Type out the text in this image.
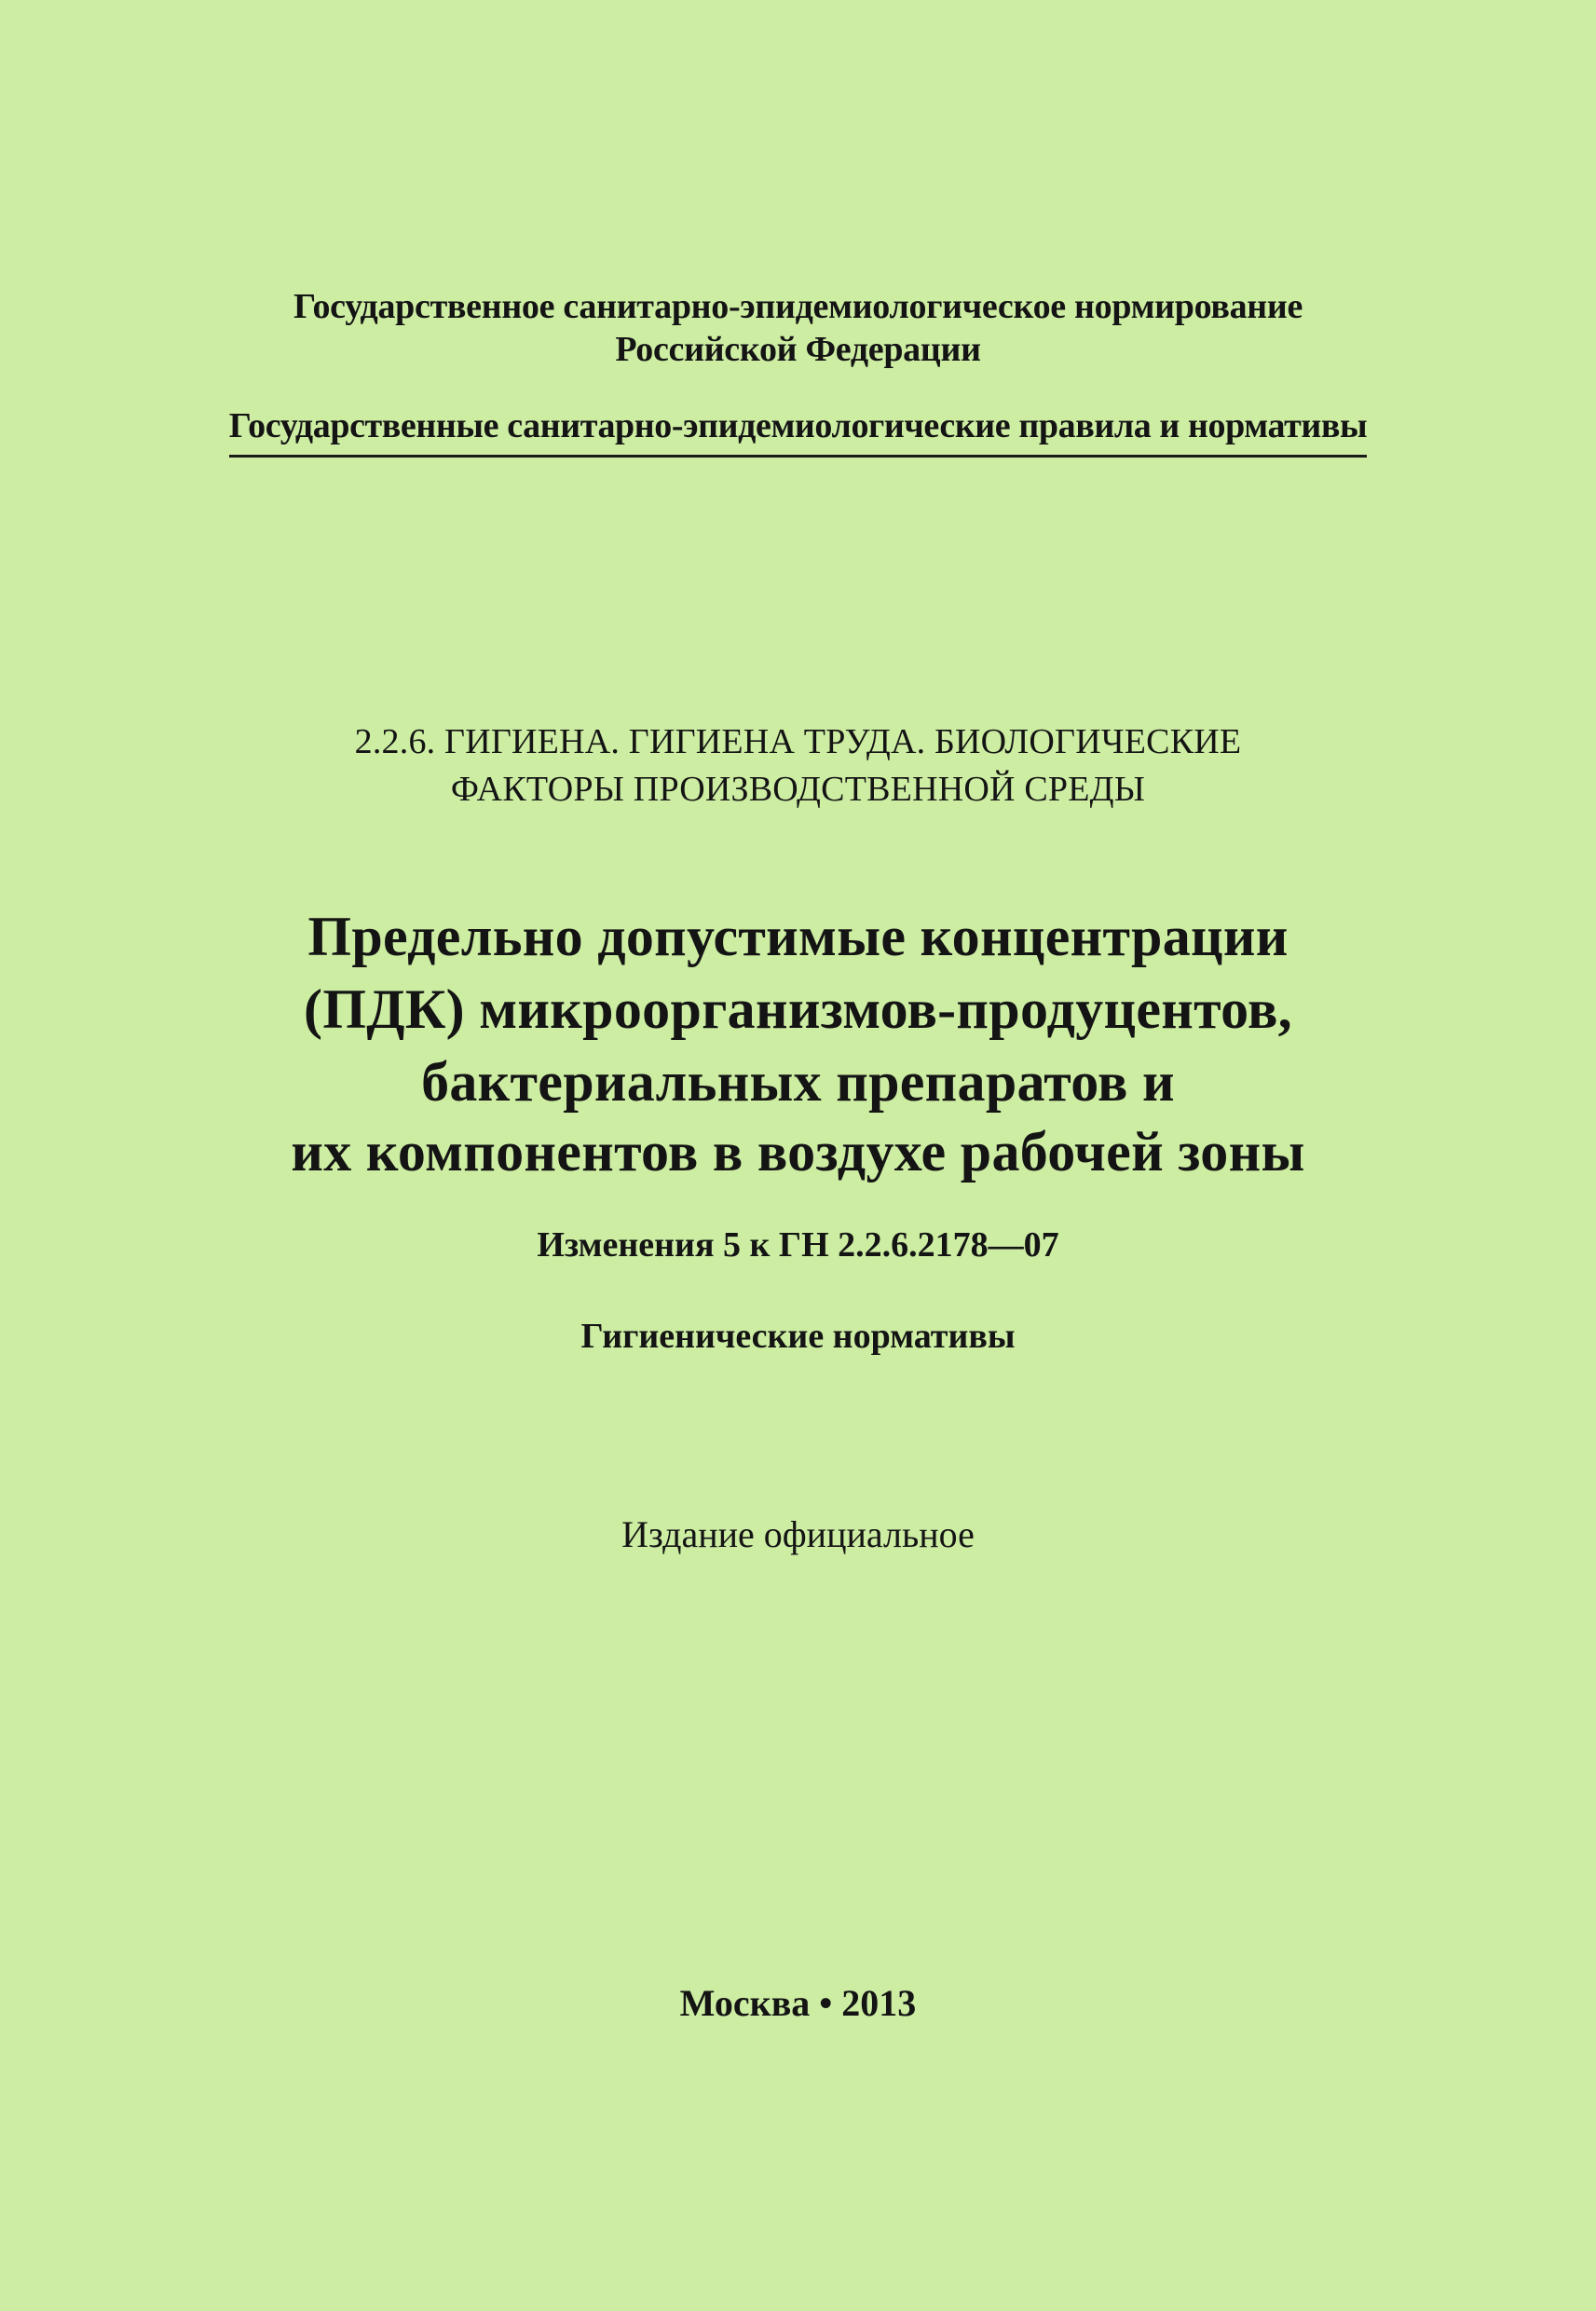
Государственное санитарно-эпидемиологическое нормирование
Российской Федерации
Государственные санитарно-эпидемиологические правила и нормативы
2.2.6. ГИГИЕНА. ГИГИЕНА ТРУДА. БИОЛОГИЧЕСКИЕ
ФАКТОРЫ ПРОИЗВОДСТВЕННОЙ СРЕДЫ
Предельно допустимые концентрации
(ПДК) микроорганизмов-продуцентов,
бактериальных препаратов и
их компонентов в воздухе рабочей зоны
Изменения 5 к ГН 2.2.6.2178—07
Гигиенические нормативы
Издание официальное
Москва • 2013
